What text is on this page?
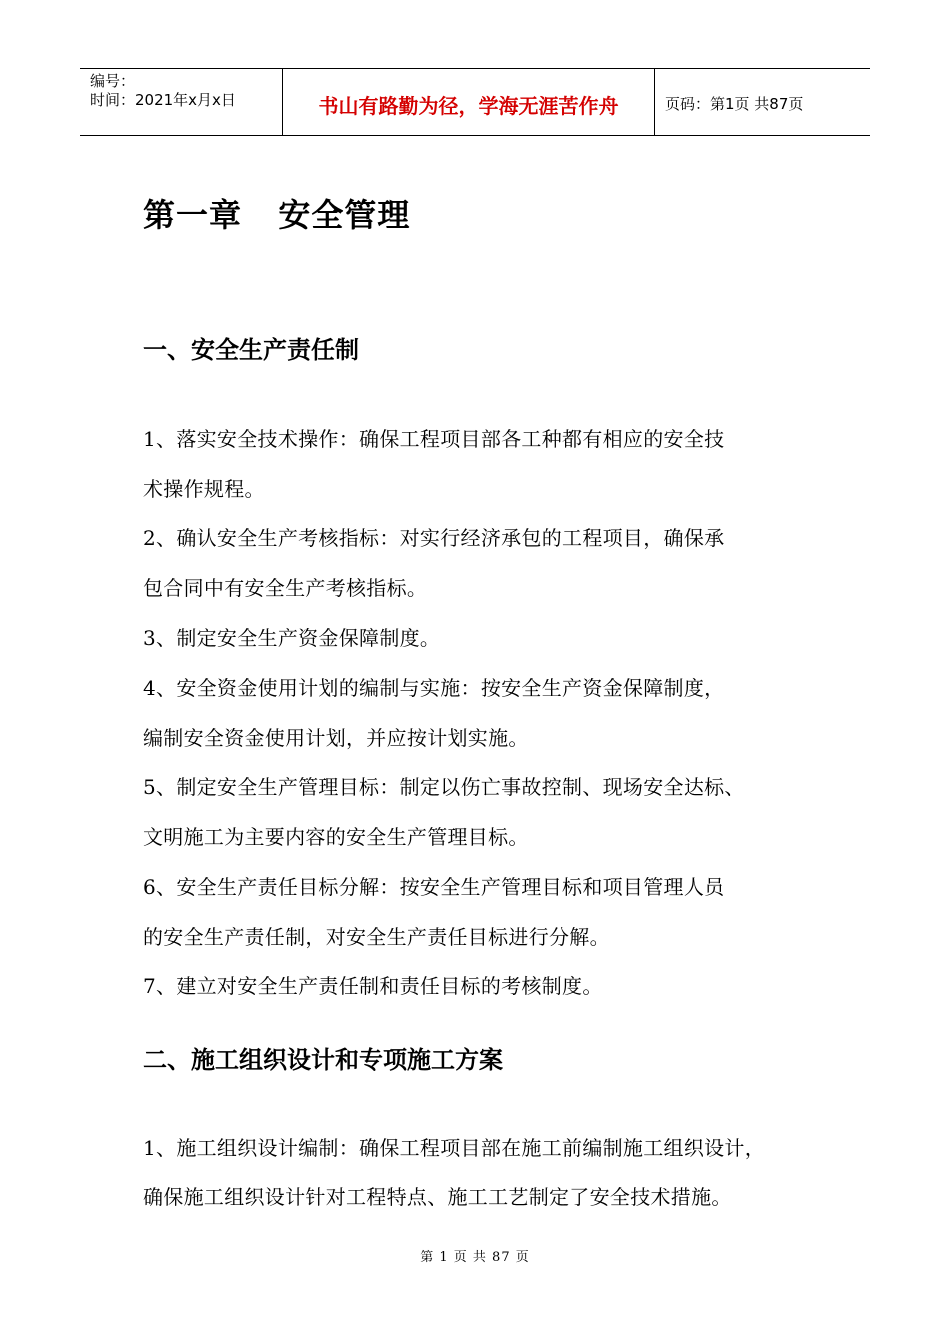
编号：
时间：2021年x月x日	书山有路勤为径，学海无涯苦作舟	页码：第1页 共87页
第一章   安全管理
一、安全生产责任制
1、落实安全技术操作：确保工程项目部各工种都有相应的安全技
术操作规程。
2、确认安全生产考核指标：对实行经济承包的工程项目，确保承
包合同中有安全生产考核指标。
3、制定安全生产资金保障制度。
4、安全资金使用计划的编制与实施：按安全生产资金保障制度，
编制安全资金使用计划，并应按计划实施。
5、制定安全生产管理目标：制定以伤亡事故控制、现场安全达标、
文明施工为主要内容的安全生产管理目标。
6、安全生产责任目标分解：按安全生产管理目标和项目管理人员
的安全生产责任制，对安全生产责任目标进行分解。
7、建立对安全生产责任制和责任目标的考核制度。
二、施工组织设计和专项施工方案
1、施工组织设计编制：确保工程项目部在施工前编制施工组织设计，
确保施工组织设计针对工程特点、施工工艺制定了安全技术措施。
第 1 页 共 87 页
